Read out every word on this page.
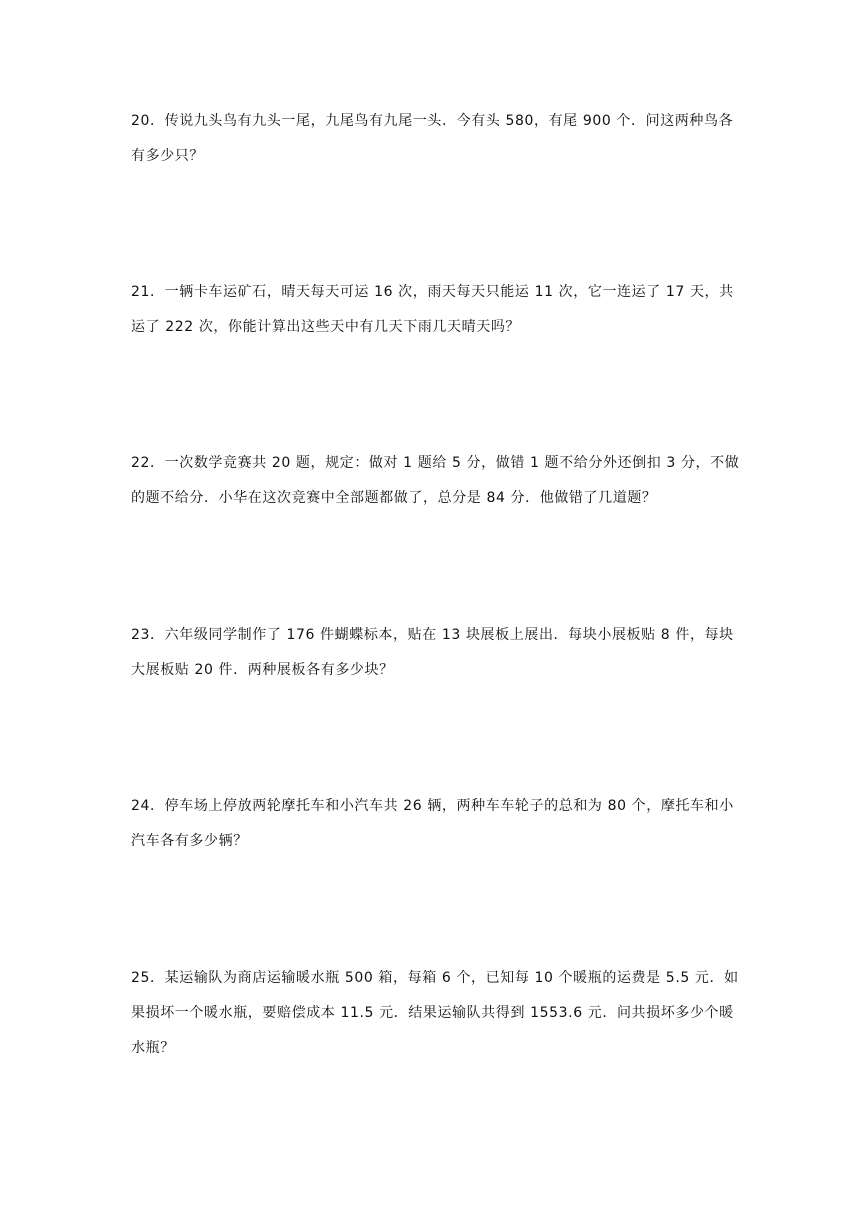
20．传说九头鸟有九头一尾，九尾鸟有九尾一头．今有头 580，有尾 900 个．问这两种鸟各
有多少只？
21．一辆卡车运矿石，晴天每天可运 16 次，雨天每天只能运 11 次，它一连运了 17 天，共
运了 222 次，你能计算出这些天中有几天下雨几天晴天吗？
22．一次数学竞赛共 20 题，规定：做对 1 题给 5 分，做错 1 题不给分外还倒扣 3 分，不做
的题不给分．小华在这次竞赛中全部题都做了，总分是 84 分．他做错了几道题？
23．六年级同学制作了 176 件蝴蝶标本，贴在 13 块展板上展出．每块小展板贴 8 件，每块
大展板贴 20 件．两种展板各有多少块？
24．停车场上停放两轮摩托车和小汽车共 26 辆，两种车车轮子的总和为 80 个，摩托车和小
汽车各有多少辆？
25．某运输队为商店运输暖水瓶 500 箱，每箱 6 个，已知每 10 个暖瓶的运费是 5.5 元．如
果损坏一个暖水瓶，要赔偿成本 11.5 元．结果运输队共得到 1553.6 元．问共损坏多少个暖
水瓶？
